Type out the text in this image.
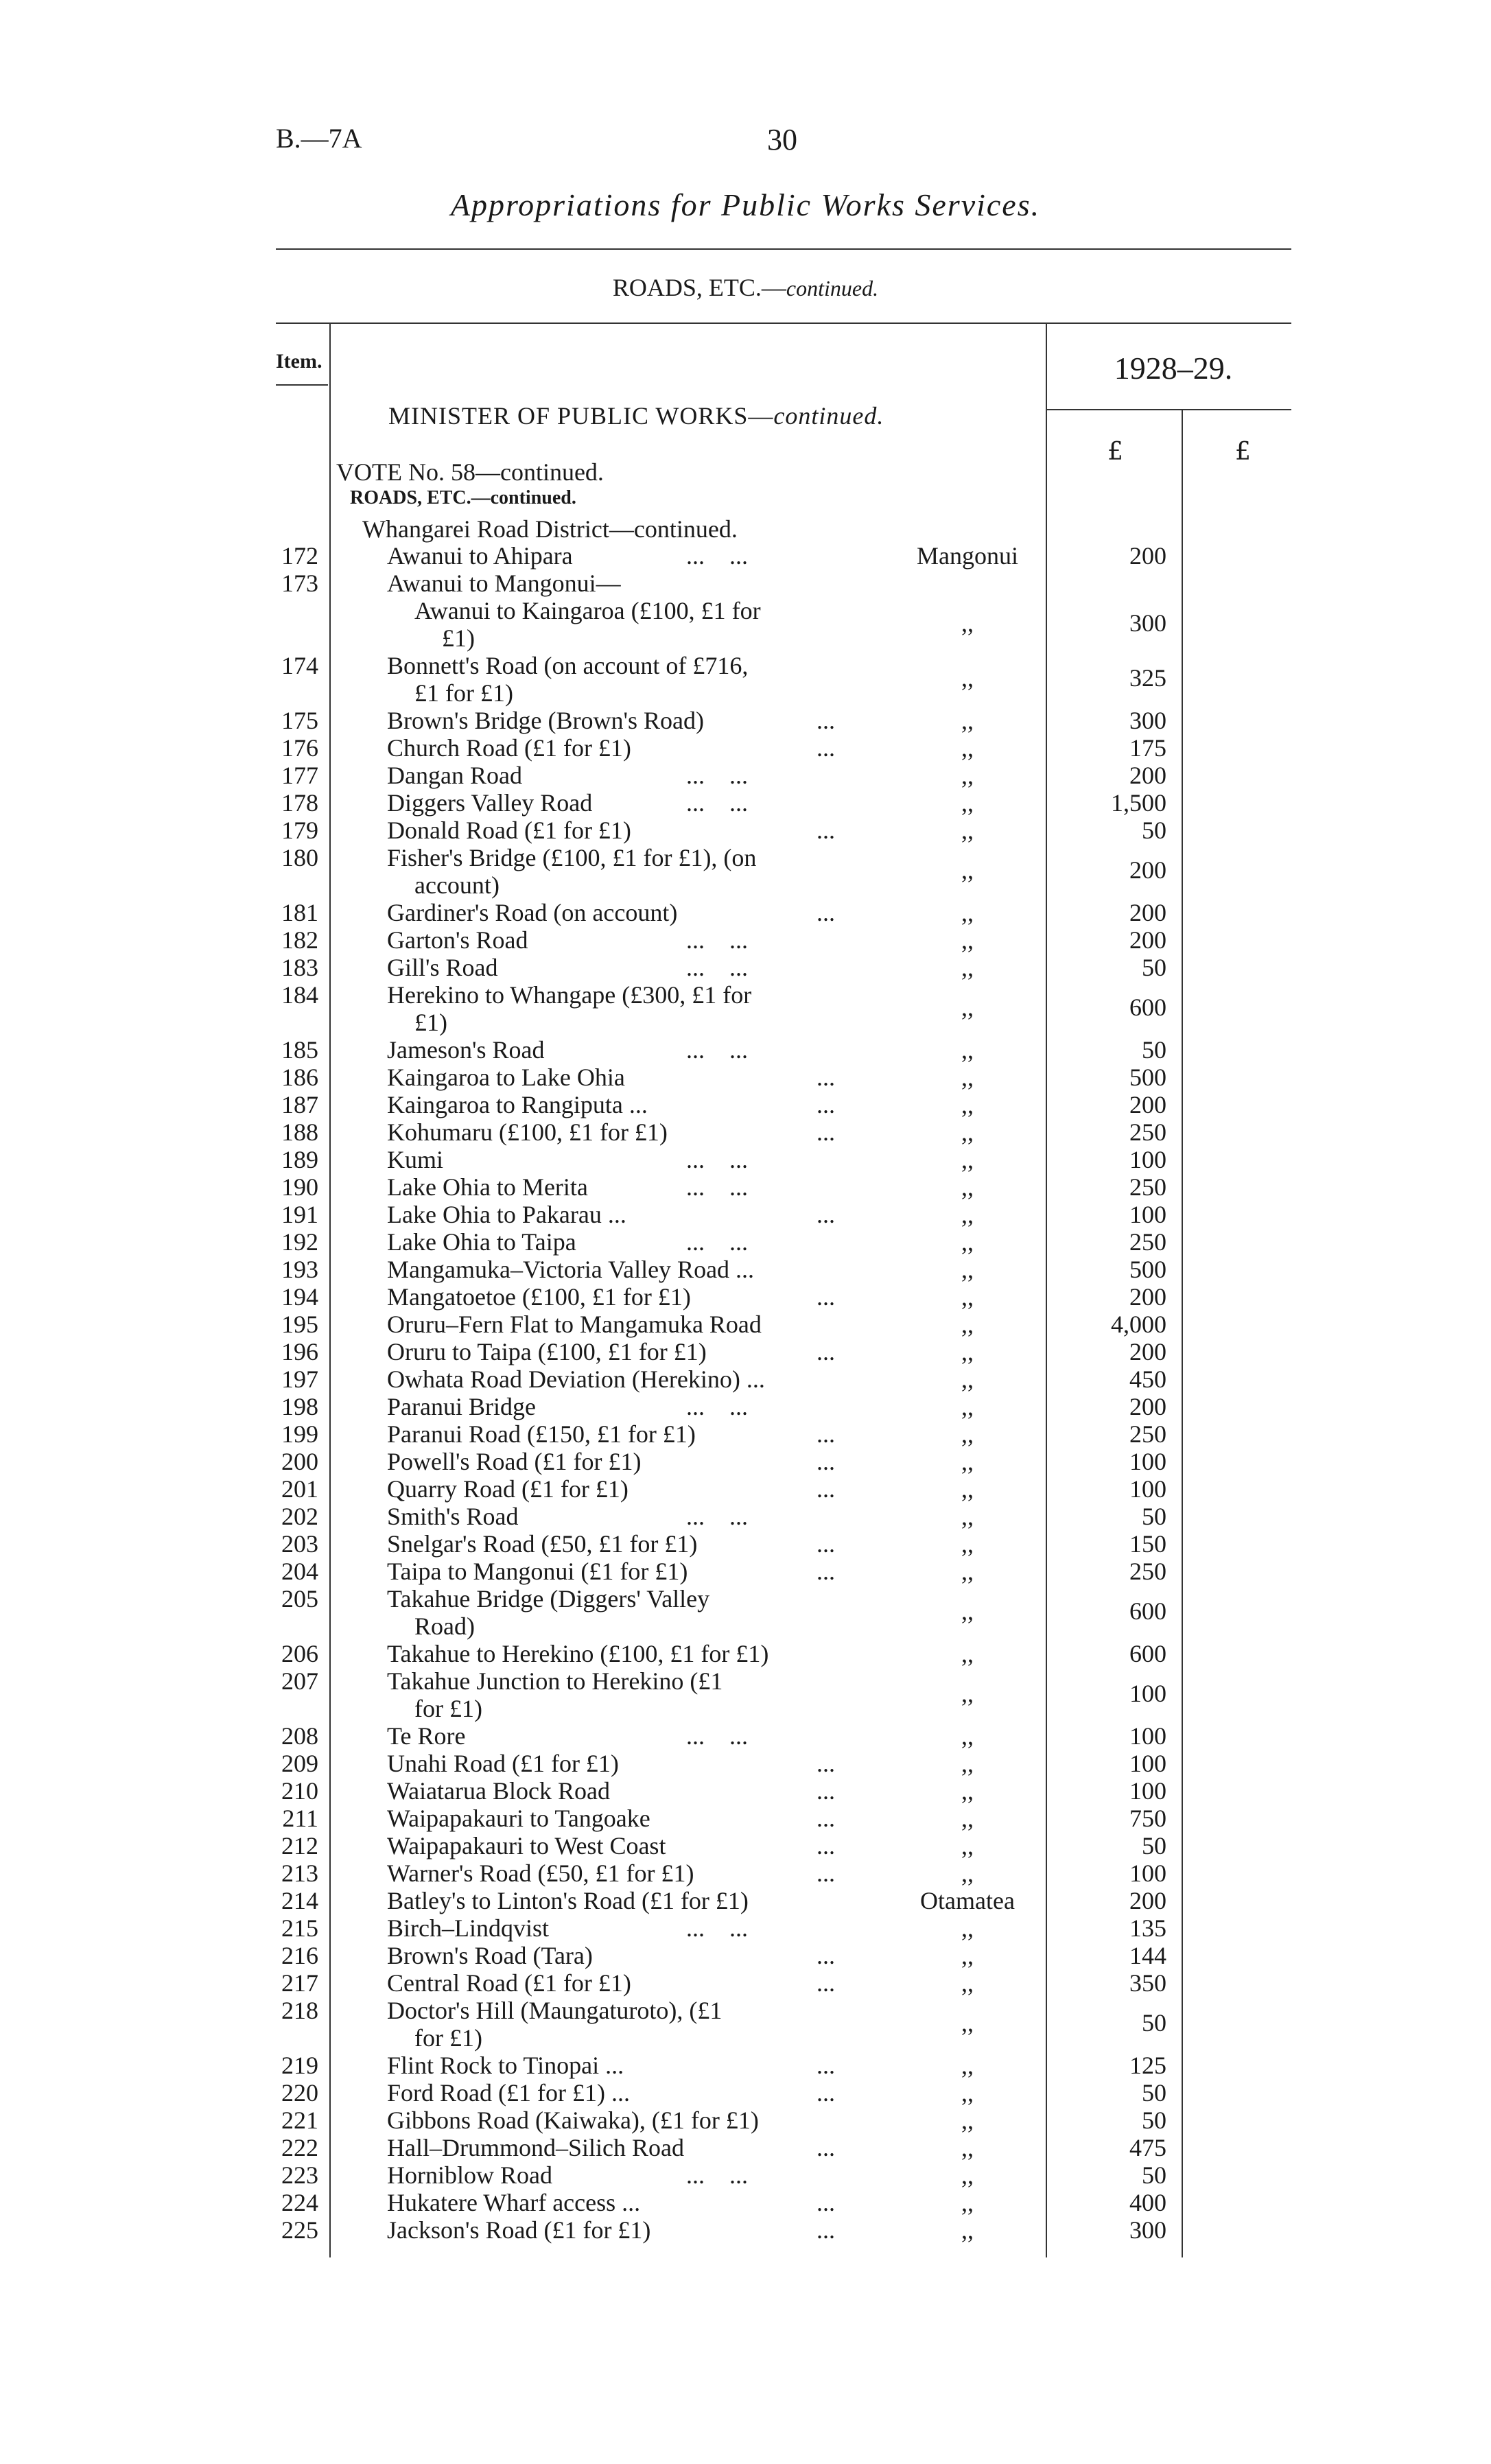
B.—7A	30
Appropriations for Public Works Services.
ROADS, ETC.—continued.
Item.	1928–29.
£	£
MINISTER OF PUBLIC WORKS—continued.
VOTE No. 58—continued.
ROADS, ETC.—continued.
Whangarei Road District—continued.
172	Awanui to Ahipara	...    ...	Mangonui	200
173	Awanui to Mangonui—
Awanui to Kaingaroa (£100, £1 for
£1)
,,	300
174	Bonnett's Road (on account of £716,
£1 for £1)
,,	325
175	Brown's Bridge (Brown's Road)	...	,,	300
176	Church Road (£1 for £1)	...	,,	175
177	Dangan Road	...    ...	,,	200
178	Diggers Valley Road	...    ...	,,	1,500
179	Donald Road (£1 for £1)	...	,,	50
180	Fisher's Bridge (£100, £1 for £1), (on
account)
,,	200
181	Gardiner's Road (on account)	...	,,	200
182	Garton's Road	...    ...	,,	200
183	Gill's Road	...    ...	,,	50
184	Herekino to Whangape (£300, £1 for
£1)
,,	600
185	Jameson's Road	...    ...	,,	50
186	Kaingaroa to Lake Ohia	...	,,	500
187	Kaingaroa to Rangiputa ...	...	,,	200
188	Kohumaru (£100, £1 for £1)	...	,,	250
189	Kumi	...    ...	,,	100
190	Lake Ohia to Merita	...    ...	,,	250
191	Lake Ohia to Pakarau ...	...	,,	100
192	Lake Ohia to Taipa	...    ...	,,	250
193	Mangamuka–Victoria Valley Road ...	,,	500
194	Mangatoetoe (£100, £1 for £1)	...	,,	200
195	Oruru–Fern Flat to Mangamuka Road	,,	4,000
196	Oruru to Taipa (£100, £1 for £1)	...	,,	200
197	Owhata Road Deviation (Herekino) ...	,,	450
198	Paranui Bridge	...    ...	,,	200
199	Paranui Road (£150, £1 for £1)	...	,,	250
200	Powell's Road (£1 for £1)	...	,,	100
201	Quarry Road (£1 for £1)	...	,,	100
202	Smith's Road	...    ...	,,	50
203	Snelgar's Road (£50, £1 for £1)	...	,,	150
204	Taipa to Mangonui (£1 for £1)	...	,,	250
205	Takahue Bridge (Diggers' Valley
Road)
,,	600
206	Takahue to Herekino (£100, £1 for £1)	,,	600
207	Takahue Junction to Herekino (£1
for £1)
,,	100
208	Te Rore	...    ...	,,	100
209	Unahi Road (£1 for £1)	...	,,	100
210	Waiatarua Block Road	...	,,	100
211	Waipapakauri to Tangoake	...	,,	750
212	Waipapakauri to West Coast	...	,,	50
213	Warner's Road (£50, £1 for £1)	...	,,	100
214	Batley's to Linton's Road (£1 for £1)	Otamatea	200
215	Birch–Lindqvist	...    ...	,,	135
216	Brown's Road (Tara)	...	,,	144
217	Central Road (£1 for £1)	...	,,	350
218	Doctor's Hill (Maungaturoto), (£1
for £1)
,,	50
219	Flint Rock to Tinopai ...	...	,,	125
220	Ford Road (£1 for £1) ...	...	,,	50
221	Gibbons Road (Kaiwaka), (£1 for £1)	,,	50
222	Hall–Drummond–Silich Road	...	,,	475
223	Horniblow Road	...    ...	,,	50
224	Hukatere Wharf access ...	...	,,	400
225	Jackson's Road (£1 for £1)	...	,,	300
